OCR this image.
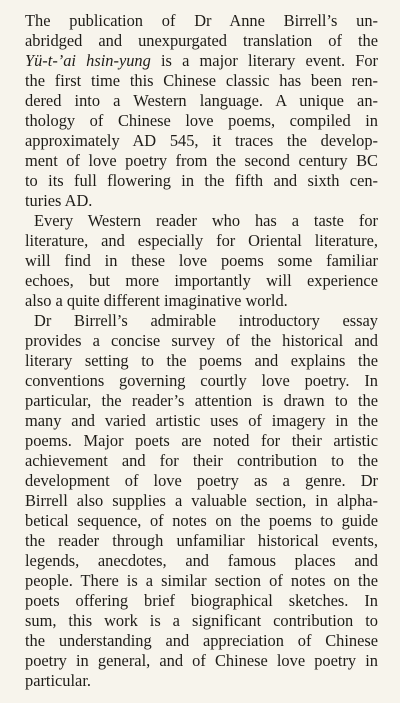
The publication of Dr Anne Birrell’s un-
abridged and unexpurgated translation of the
Yü-t-’ai hsin-yung is a major literary event. For
the first time this Chinese classic has been ren-
dered into a Western language. A unique an-
thology of Chinese love poems, compiled in
approximately AD 545, it traces the develop-
ment of love poetry from the second century BC
to its full flowering in the fifth and sixth cen-
turies AD.
Every Western reader who has a taste for
literature, and especially for Oriental literature,
will find in these love poems some familiar
echoes, but more importantly will experience
also a quite different imaginative world.
Dr Birrell’s admirable introductory essay
provides a concise survey of the historical and
literary setting to the poems and explains the
conventions governing courtly love poetry. In
particular, the reader’s attention is drawn to the
many and varied artistic uses of imagery in the
poems. Major poets are noted for their artistic
achievement and for their contribution to the
development of love poetry as a genre. Dr
Birrell also supplies a valuable section, in alpha-
betical sequence, of notes on the poems to guide
the reader through unfamiliar historical events,
legends, anecdotes, and famous places and
people. There is a similar section of notes on the
poets offering brief biographical sketches. In
sum, this work is a significant contribution to
the understanding and appreciation of Chinese
poetry in general, and of Chinese love poetry in
particular.
